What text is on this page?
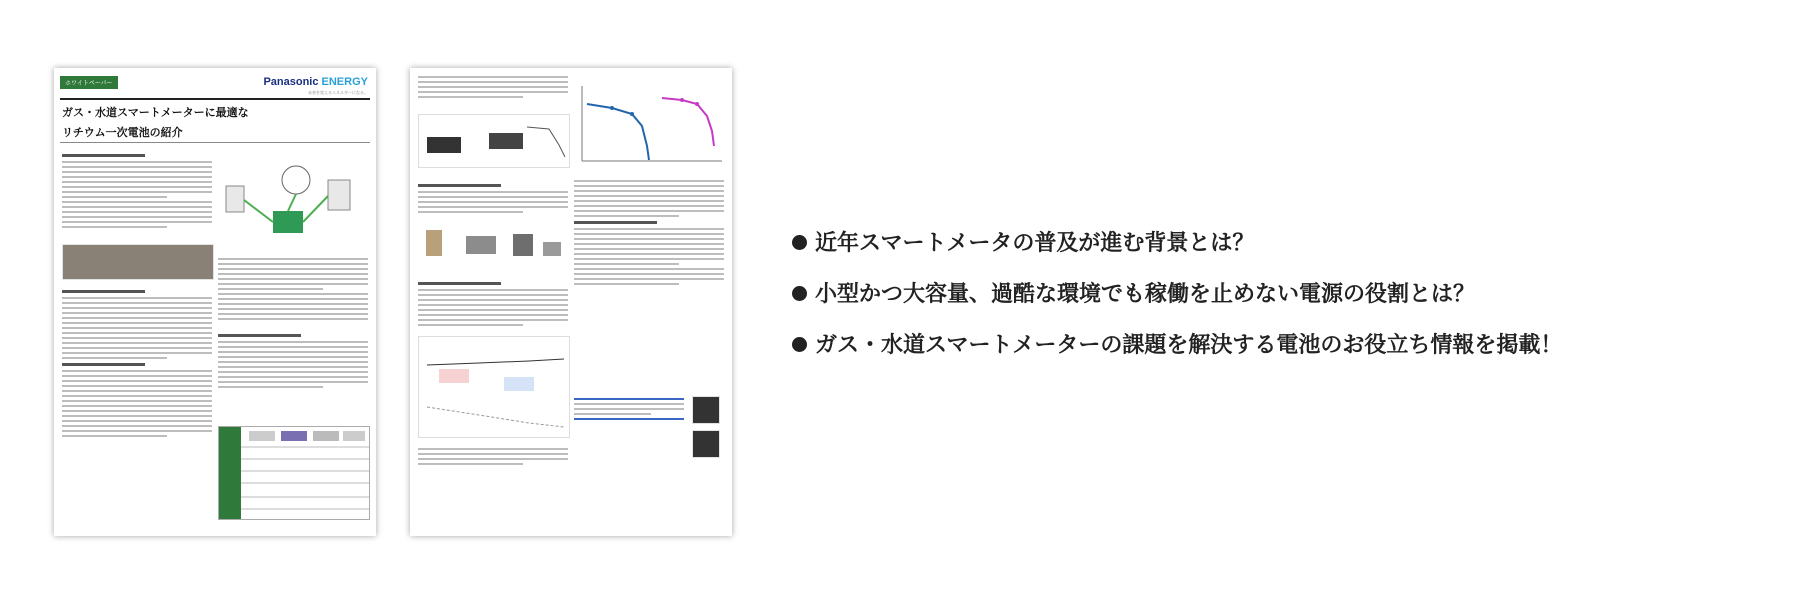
ホワイトペーパー	Panasonic ENERGY
未来を変えるエネルギーになる。
ガス・水道スマートメーターに最適な
リチウム一次電池の紹介
近年スマートメータの普及が進む背景とは？
小型かつ大容量、過酷な環境でも稼働を止めない電源の役割とは？
ガス・水道スマートメーターの課題を解決する電池のお役立ち情報を掲載！
